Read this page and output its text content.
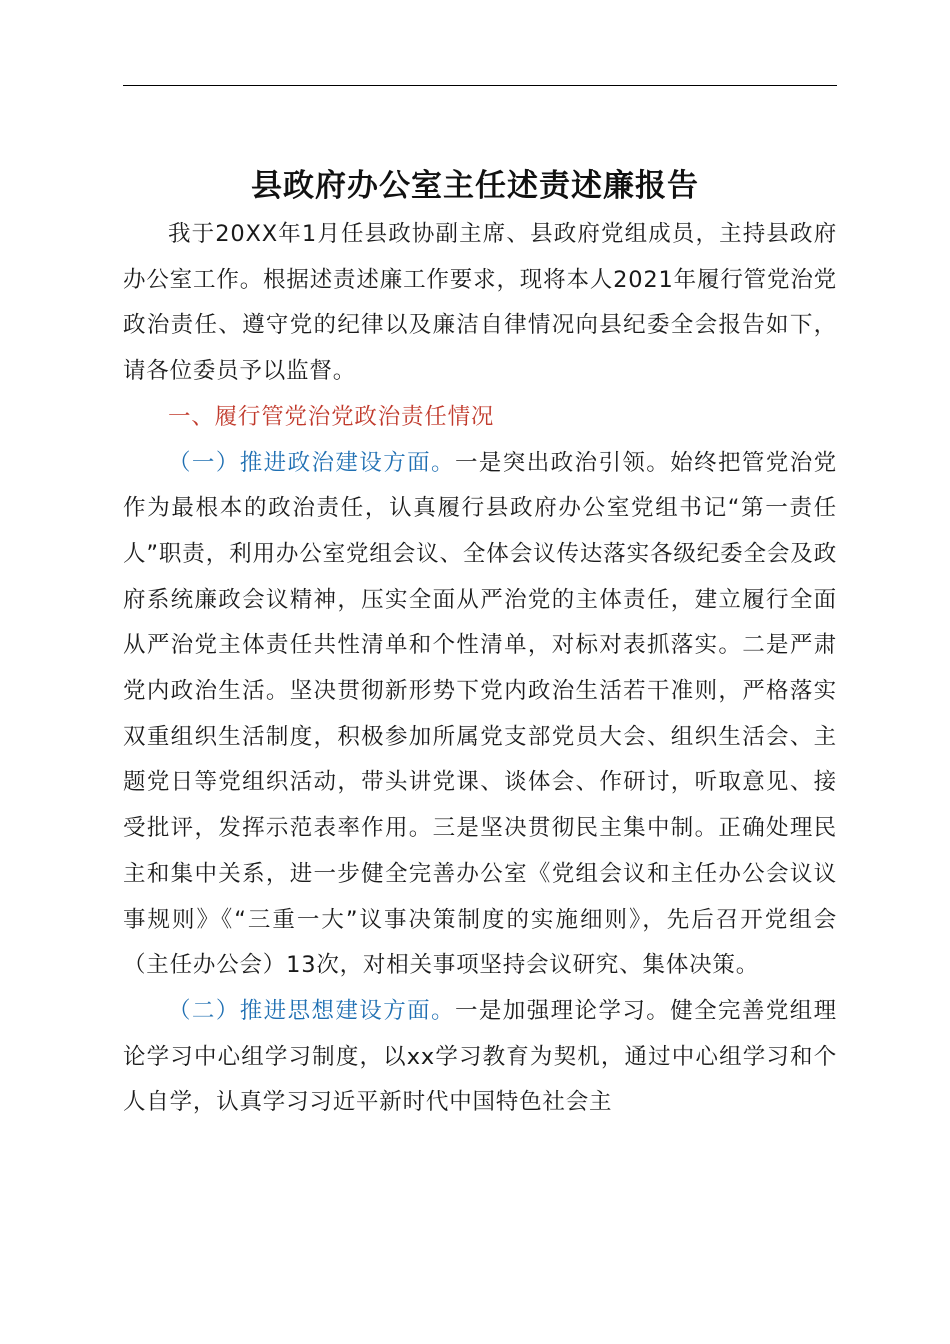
县政府办公室主任述责述廉报告

我于20XX年1月任县政协副主席、县政府党组成员，主持县政府办公室工作。根据述责述廉工作要求，现将本人2021年履行管党治党政治责任、遵守党的纪律以及廉洁自律情况向县纪委全会报告如下，请各位委员予以监督。

一、履行管党治党政治责任情况

（一）推进政治建设方面。一是突出政治引领。始终把管党治党作为最根本的政治责任，认真履行县政府办公室党组书记“第一责任人”职责，利用办公室党组会议、全体会议传达落实各级纪委全会及政府系统廉政会议精神，压实全面从严治党的主体责任，建立履行全面从严治党主体责任共性清单和个性清单，对标对表抓落实。二是严肃党内政治生活。坚决贯彻新形势下党内政治生活若干准则，严格落实双重组织生活制度，积极参加所属党支部党员大会、组织生活会、主题党日等党组织活动，带头讲党课、谈体会、作研讨，听取意见、接受批评，发挥示范表率作用。三是坚决贯彻民主集中制。正确处理民主和集中关系，进一步健全完善办公室《党组会议和主任办公会议议事规则》《“三重一大”议事决策制度的实施细则》，先后召开党组会（主任办公会）13次，对相关事项坚持会议研究、集体决策。

（二）推进思想建设方面。一是加强理论学习。健全完善党组理论学习中心组学习制度，以xx学习教育为契机，通过中心组学习和个人自学，认真学习习近平新时代中国特色社会主
